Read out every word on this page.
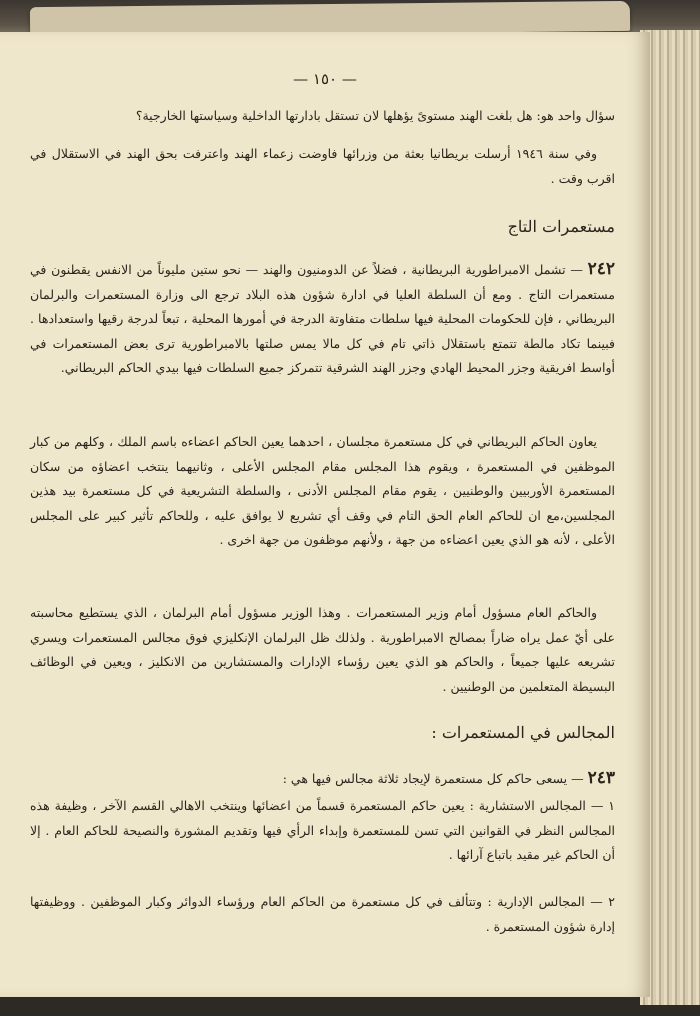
— ١٥٠ —

سؤال واحد هو: هل بلغت الهند مستوىً يؤهلها لان تستقل بادارتها الداخلية وسياستها الخارجية؟

وفي سنة ١٩٤٦ أرسلت بريطانيا بعثة من وزرائها فاوضت زعماء الهند واعترفت بحق الهند في الاستقلال في اقرب وقت .

مستعمرات التاج

٢٤٢ — تشمل الامبراطورية البريطانية ، فضلاً عن الدومنيون والهند — نحو ستين مليوناً من الانفس يقطنون في مستعمرات التاج . ومع أن السلطة العليا في ادارة شؤون هذه البلاد ترجع الى وزارة المستعمرات والبرلمان البريطاني ، فإن للحكومات المحلية فيها سلطات متفاوتة الدرجة في أمورها المحلية ، تبعاً لدرجة رقيها واستعدادها . فبينما تكاد مالطة تتمتع باستقلال ذاتي تام في كل مالا يمس صلتها بالامبراطورية ترى بعض المستعمرات في أواسط افريقية وجزر المحيط الهادي وجزر الهند الشرقية تتمركز جميع السلطات فيها بيدي الحاكم البريطاني.

يعاون الحاكم البريطاني في كل مستعمرة مجلسان ، احدهما يعين الحاكم اعضاءه باسم الملك ، وكلهم من كبار الموظفين في المستعمرة ، ويقوم هذا المجلس مقام المجلس الأعلى ، وثانيهما ينتخب اعضاؤه من سكان المستعمرة الأوربيين والوطنيين ، يقوم مقام المجلس الأدنى ، والسلطة التشريعية في كل مستعمرة بيد هذين المجلسين،مع ان للحاكم العام الحق التام في وقف أي تشريع لا يوافق عليه ، وللحاكم تأثير كبير على المجلس الأعلى ، لأنه هو الذي يعين اعضاءه من جهة ، ولأنهم موظفون من جهة اخرى .

والحاكم العام مسؤول أمام وزير المستعمرات . وهذا الوزير مسؤول أمام البرلمان ، الذي يستطيع محاسبته على أيّ عمل يراه ضاراً بمصالح الامبراطورية . ولذلك ظل البرلمان الإنكليزي فوق مجالس المستعمرات ويسري تشريعه عليها جميعاً ، والحاكم هو الذي يعين رؤساء الإدارات والمستشارين من الانكليز ، ويعين في الوظائف البسيطة المتعلمين من الوطنيين .

المجالس في المستعمرات :

٢٤٣ — يسعى حاكم كل مستعمرة لإيجاد ثلاثة مجالس فيها هي :

١ — المجالس الاستشارية : يعين حاكم المستعمرة قسماً من اعضائها وينتخب الاهالي القسم الآخر ، وظيفة هذه المجالس النظر في القوانين التي تسن للمستعمرة وإبداء الرأي فيها وتقديم المشورة والنصيحة للحاكم العام . إلا أن الحاكم غير مقيد باتباع آرائها .

٢ — المجالس الإدارية : وتتألف في كل مستعمرة من الحاكم العام ورؤساء الدوائر وكبار الموظفين . ووظيفتها إدارة شؤون المستعمرة .
